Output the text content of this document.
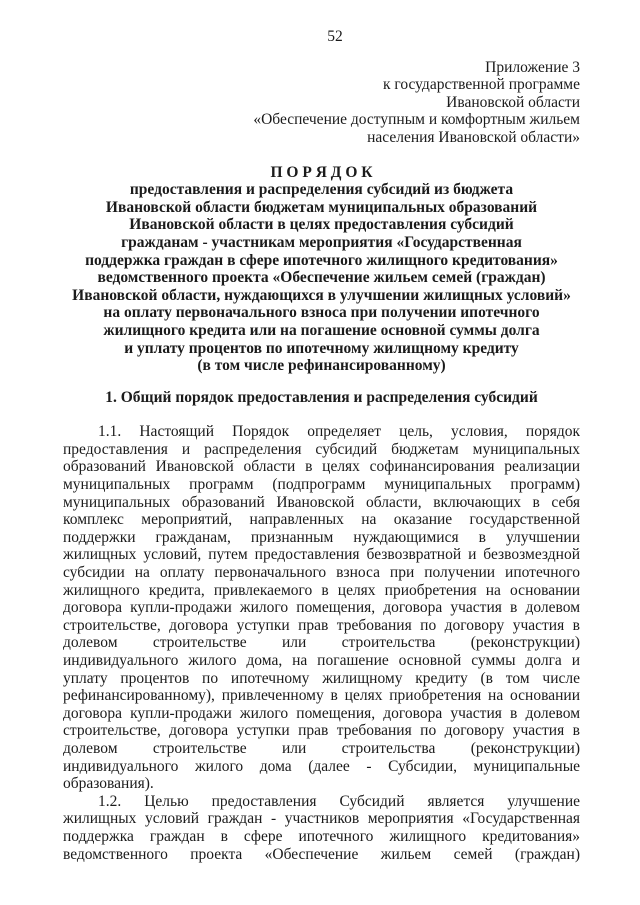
52
Приложение 3
к государственной программе
Ивановской области
«Обеспечение доступным и комфортным жильем
населения Ивановской области»
П О Р Я Д О К
предоставления и распределения субсидий из бюджета
Ивановской области бюджетам муниципальных образований
Ивановской области в целях предоставления субсидий
гражданам - участникам мероприятия «Государственная
поддержка граждан в сфере ипотечного жилищного кредитования»
ведомственного проекта «Обеспечение жильем семей (граждан)
Ивановской области, нуждающихся в улучшении жилищных условий»
на оплату первоначального взноса при получении ипотечного
жилищного кредита или на погашение основной суммы долга
и уплату процентов по ипотечному жилищному кредиту
(в том числе рефинансированному)
1. Общий порядок предоставления и распределения субсидий
1.1. Настоящий Порядок определяет цель, условия, порядок
предоставления и распределения субсидий бюджетам муниципальных
образований Ивановской области в целях софинансирования реализации
муниципальных программ (подпрограмм муниципальных программ)
муниципальных образований Ивановской области, включающих в себя
комплекс мероприятий, направленных на оказание государственной
поддержки гражданам, признанным нуждающимися в улучшении
жилищных условий, путем предоставления безвозвратной и безвозмездной
субсидии на оплату первоначального взноса при получении ипотечного
жилищного кредита, привлекаемого в целях приобретения на основании
договора купли-продажи жилого помещения, договора участия в долевом
строительстве, договора уступки прав требования по договору участия в
долевом строительстве или строительства (реконструкции)
индивидуального жилого дома, на погашение основной суммы долга и
уплату процентов по ипотечному жилищному кредиту (в том числе
рефинансированному), привлеченному в целях приобретения на основании
договора купли-продажи жилого помещения, договора участия в долевом
строительстве, договора уступки прав требования по договору участия в
долевом строительстве или строительства (реконструкции)
индивидуального жилого дома (далее - Субсидии, муниципальные
образования).
1.2. Целью предоставления Субсидий является улучшение
жилищных условий граждан - участников мероприятия «Государственная
поддержка граждан в сфере ипотечного жилищного кредитования»
ведомственного проекта «Обеспечение жильем семей (граждан)
